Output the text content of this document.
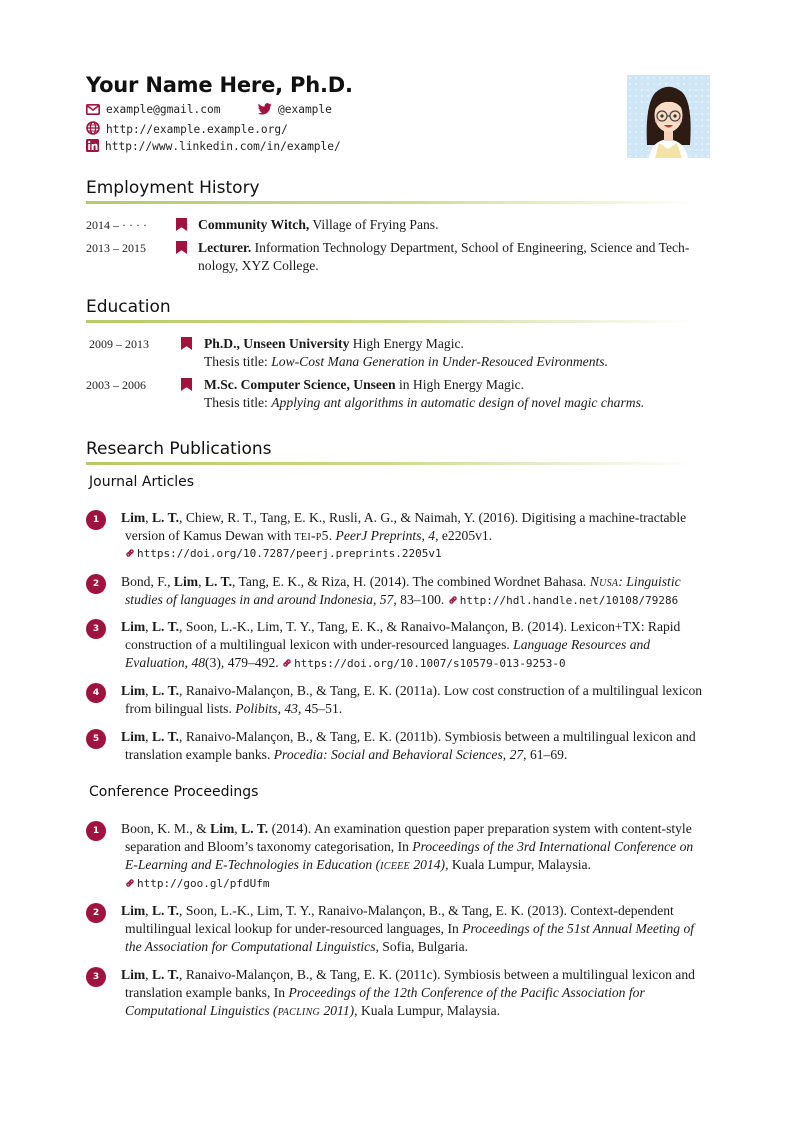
Your Name Here, Ph.D.
example@gmail.com	@example
http://example.example.org/
http://www.linkedin.com/in/example/
Employment History
2014 – · · · ·	Community Witch, Village of Frying Pans.
2013 – 2015	Lecturer. Information Technology Department, School of Engineering, Science and Tech-
nology, XYZ College.
Education
2009 – 2013	Ph.D., Unseen University High Energy Magic.
Thesis title: Low-Cost Mana Generation in Under-Resouced Evironments.
2003 – 2006	M.Sc. Computer Science, Unseen in High Energy Magic.
Thesis title: Applying ant algorithms in automatic design of novel magic charms.
Research Publications
Journal Articles
1	Lim, L. T., Chiew, R. T., Tang, E. K., Rusli, A. G., & Naimah, Y. (2016). Digitising a machine-tractable
version of Kamus Dewan with tei-p5. PeerJ Preprints, 4, e2205v1.
https://doi.org/10.7287/peerj.preprints.2205v1
2	Bond, F., Lim, L. T., Tang, E. K., & Riza, H. (2014). The combined Wordnet Bahasa. Nusa: Linguistic
studies of languages in and around Indonesia, 57, 83–100. http://hdl.handle.net/10108/79286
3	Lim, L. T., Soon, L.-K., Lim, T. Y., Tang, E. K., & Ranaivo-Malançon, B. (2014). Lexicon+TX: Rapid
construction of a multilingual lexicon with under-resourced languages. Language Resources and
Evaluation, 48(3), 479–492. https://doi.org/10.1007/s10579-013-9253-0
4	Lim, L. T., Ranaivo-Malançon, B., & Tang, E. K. (2011a). Low cost construction of a multilingual lexicon
from bilingual lists. Polibits, 43, 45–51.
5	Lim, L. T., Ranaivo-Malançon, B., & Tang, E. K. (2011b). Symbiosis between a multilingual lexicon and
translation example banks. Procedia: Social and Behavioral Sciences, 27, 61–69.
Conference Proceedings
1	Boon, K. M., & Lim, L. T. (2014). An examination question paper preparation system with content-style
separation and Bloom’s taxonomy categorisation, In Proceedings of the 3rd International Conference on
E-Learning and E-Technologies in Education (iceee 2014), Kuala Lumpur, Malaysia.
http://goo.gl/pfdUfm
2	Lim, L. T., Soon, L.-K., Lim, T. Y., Ranaivo-Malançon, B., & Tang, E. K. (2013). Context-dependent
multilingual lexical lookup for under-resourced languages, In Proceedings of the 51st Annual Meeting of
the Association for Computational Linguistics, Sofia, Bulgaria.
3	Lim, L. T., Ranaivo-Malançon, B., & Tang, E. K. (2011c). Symbiosis between a multilingual lexicon and
translation example banks, In Proceedings of the 12th Conference of the Pacific Association for
Computational Linguistics (pacling 2011), Kuala Lumpur, Malaysia.
